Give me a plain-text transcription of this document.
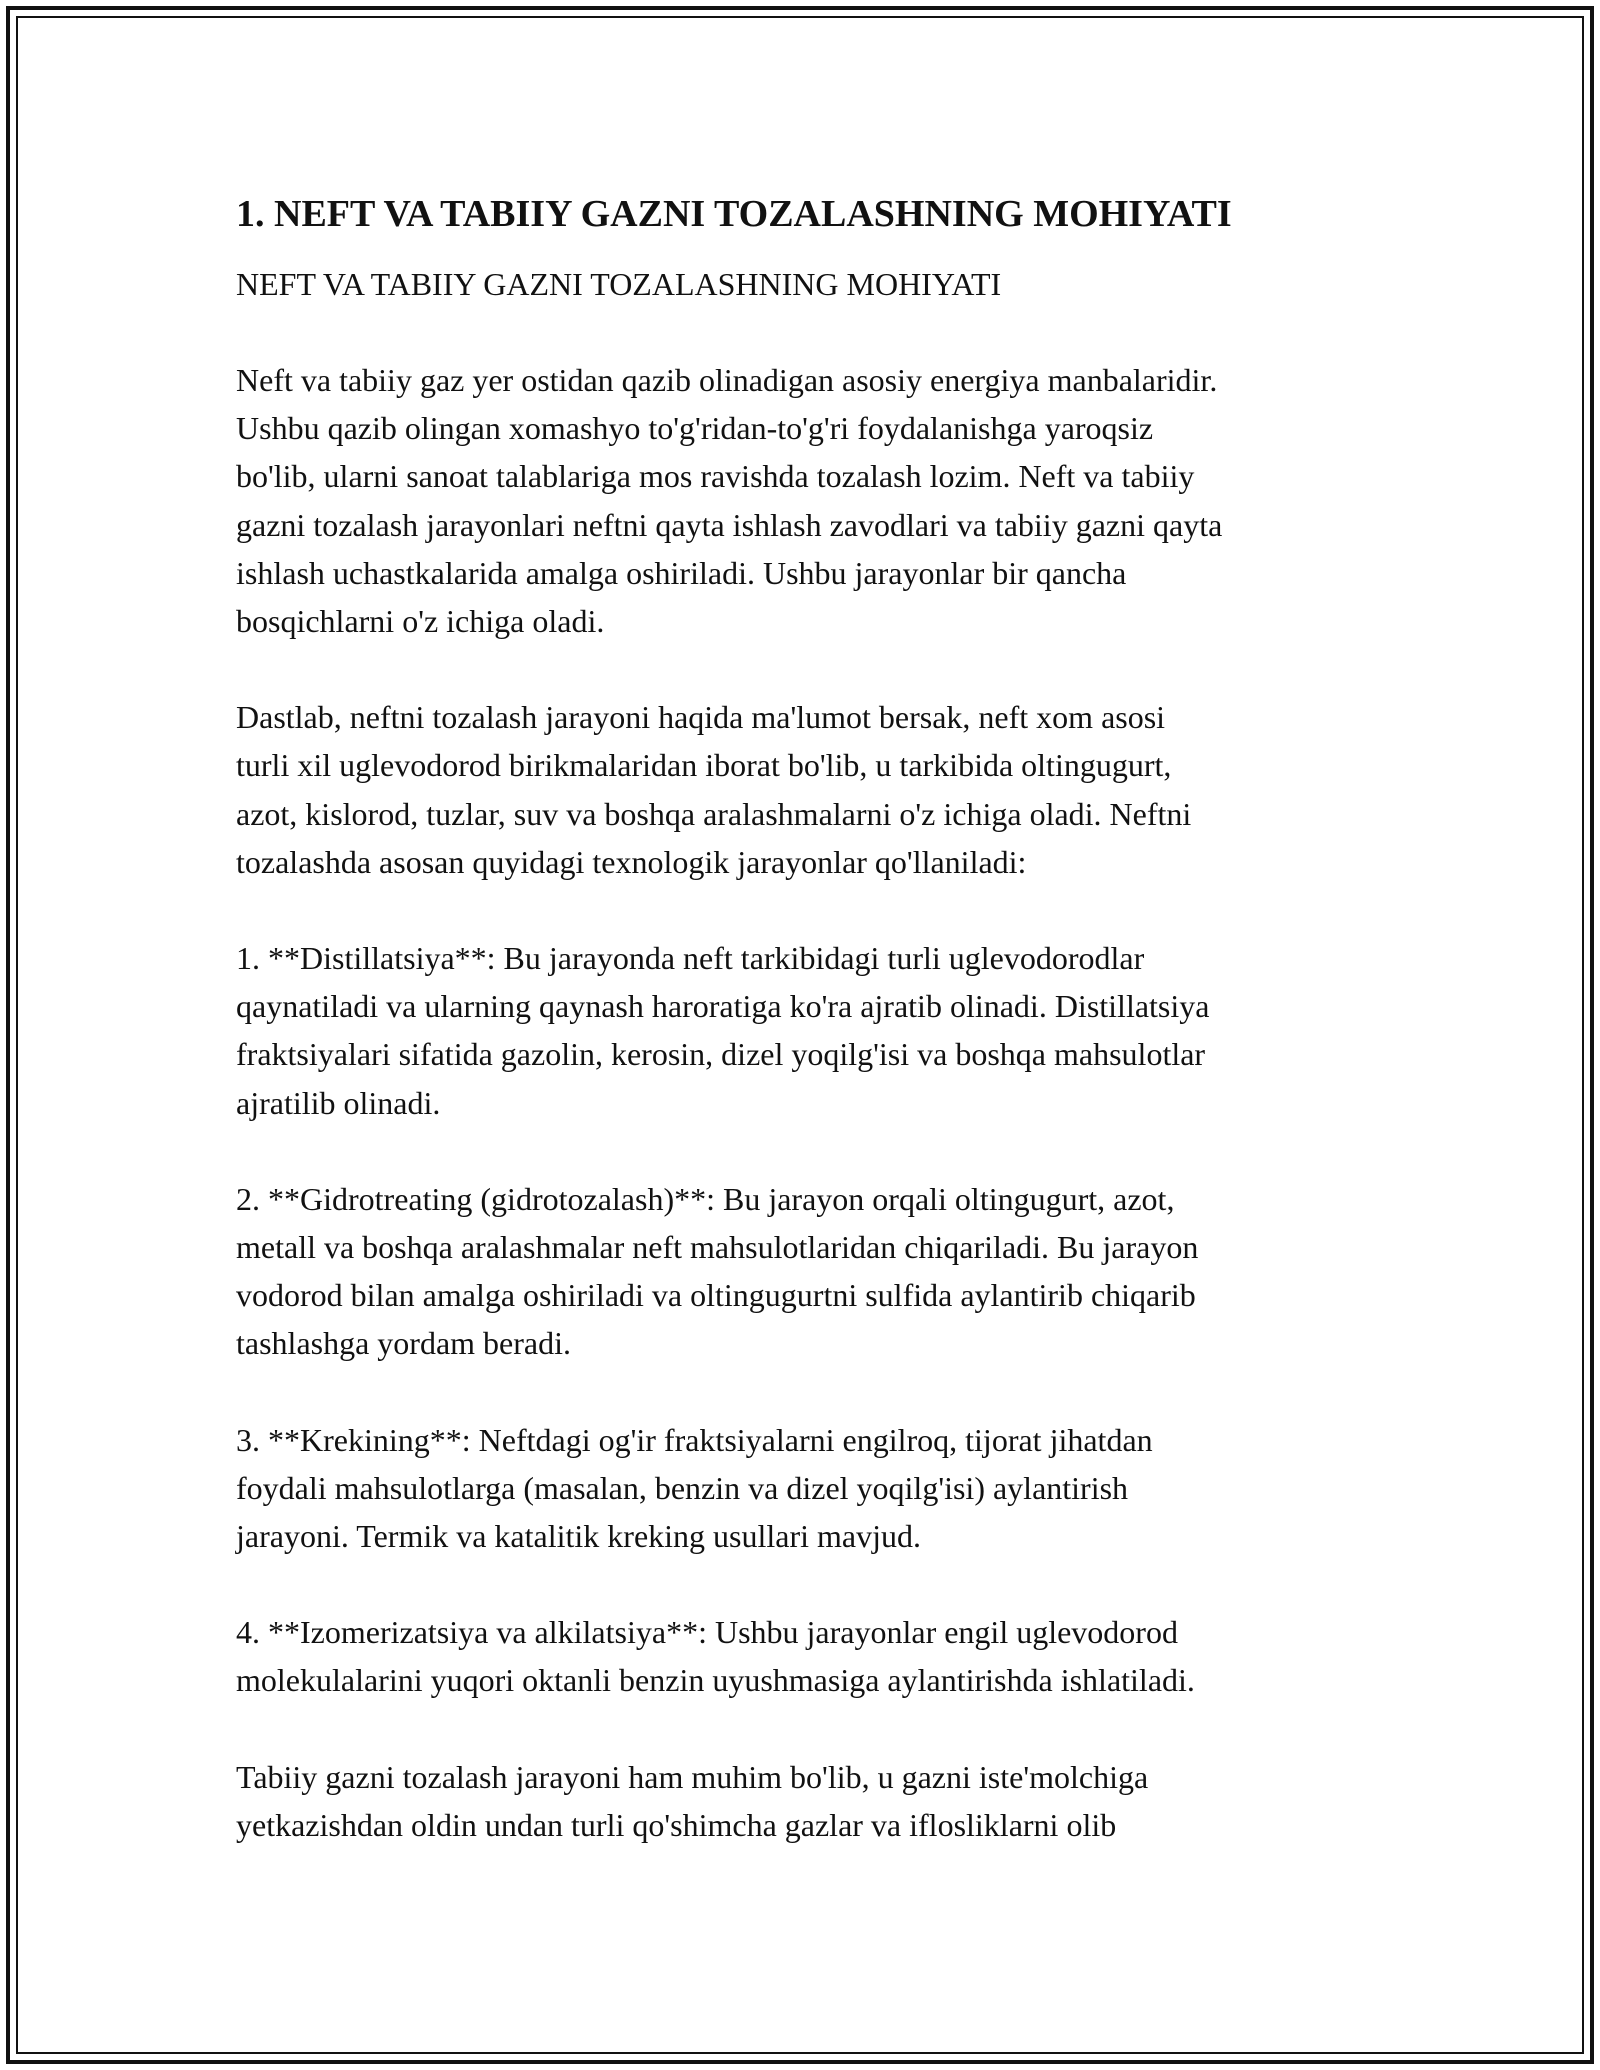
1. NEFT VA TABIIY GAZNI TOZALASHNING MOHIYATI

NEFT VA TABIIY GAZNI TOZALASHNING MOHIYATI

Neft va tabiiy gaz yer ostidan qazib olinadigan asosiy energiya manbalaridir.
Ushbu qazib olingan xomashyo to'g'ridan-to'g'ri foydalanishga yaroqsiz
bo'lib, ularni sanoat talablariga mos ravishda tozalash lozim. Neft va tabiiy
gazni tozalash jarayonlari neftni qayta ishlash zavodlari va tabiiy gazni qayta
ishlash uchastkalarida amalga oshiriladi. Ushbu jarayonlar bir qancha
bosqichlarni o'z ichiga oladi.

Dastlab, neftni tozalash jarayoni haqida ma'lumot bersak, neft xom asosi
turli xil uglevodorod birikmalaridan iborat bo'lib, u tarkibida oltingugurt,
azot, kislorod, tuzlar, suv va boshqa aralashmalarni o'z ichiga oladi. Neftni
tozalashda asosan quyidagi texnologik jarayonlar qo'llaniladi:

1. **Distillatsiya**: Bu jarayonda neft tarkibidagi turli uglevodorodlar
qaynatiladi va ularning qaynash haroratiga ko'ra ajratib olinadi. Distillatsiya
fraktsiyalari sifatida gazolin, kerosin, dizel yoqilg'isi va boshqa mahsulotlar
ajratilib olinadi.

2. **Gidrotreating (gidrotozalash)**: Bu jarayon orqali oltingugurt, azot,
metall va boshqa aralashmalar neft mahsulotlaridan chiqariladi. Bu jarayon
vodorod bilan amalga oshiriladi va oltingugurtni sulfida aylantirib chiqarib
tashlashga yordam beradi.

3. **Krekining**: Neftdagi og'ir fraktsiyalarni engilroq, tijorat jihatdan
foydali mahsulotlarga (masalan, benzin va dizel yoqilg'isi) aylantirish
jarayoni. Termik va katalitik kreking usullari mavjud.

4. **Izomerizatsiya va alkilatsiya**: Ushbu jarayonlar engil uglevodorod
molekulalarini yuqori oktanli benzin uyushmasiga aylantirishda ishlatiladi.

Tabiiy gazni tozalash jarayoni ham muhim bo'lib, u gazni iste'molchiga
yetkazishdan oldin undan turli qo'shimcha gazlar va iflosliklarni olib
